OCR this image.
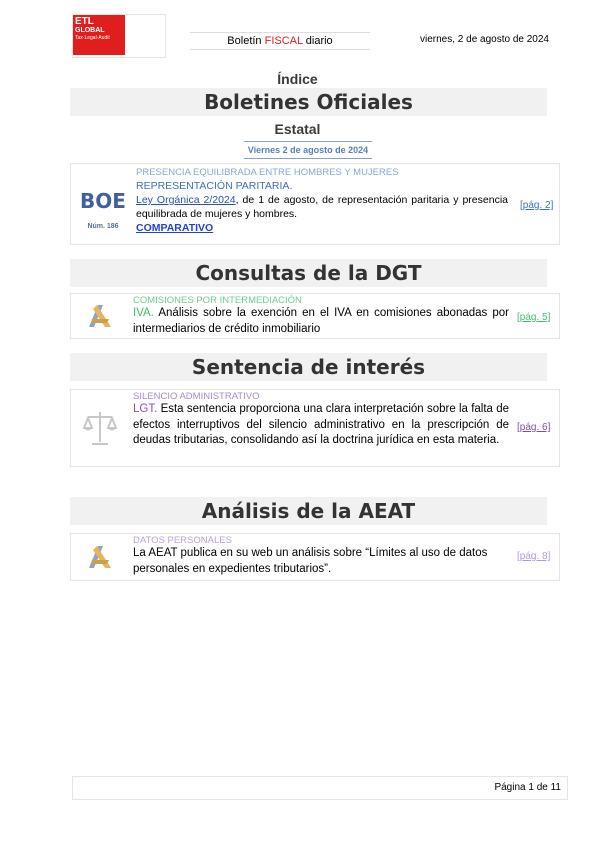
ETL
GLOBAL
Tax·Legal·Audit	Boletín FISCAL diario	viernes, 2 de agosto de 2024
Índice
Boletines Oficiales
Estatal
Viernes 2 de agosto de 2024
BOE
Núm. 186
PRESENCIA EQUILIBRADA ENTRE HOMBRES Y MUJERES
REPRESENTACIÓN PARITARIA.
Ley Orgánica 2/2024, de 1 de agosto, de representación paritaria y presencia equilibrada de mujeres y hombres.
COMPARATIVO
[pág. 2]
Consultas de la DGT
COMISIONES POR INTERMEDIACIÓN
IVA. Análisis sobre la exención en el IVA en comisiones abonadas por intermediarios de crédito inmobiliario
[pág. 5]
Sentencia de interés
SILENCIO ADMINISTRATIVO
LGT. Esta sentencia proporciona una clara interpretación sobre la falta de efectos interruptivos del silencio administrativo en la prescripción de deudas tributarias, consolidando así la doctrina jurídica en esta materia.
[pág. 6]
Análisis de la AEAT
DATOS PERSONALES
La AEAT publica en su web un análisis sobre “Límites al uso de datos personales en expedientes tributarios”.
[pág. 8]
Página 1 de 11
